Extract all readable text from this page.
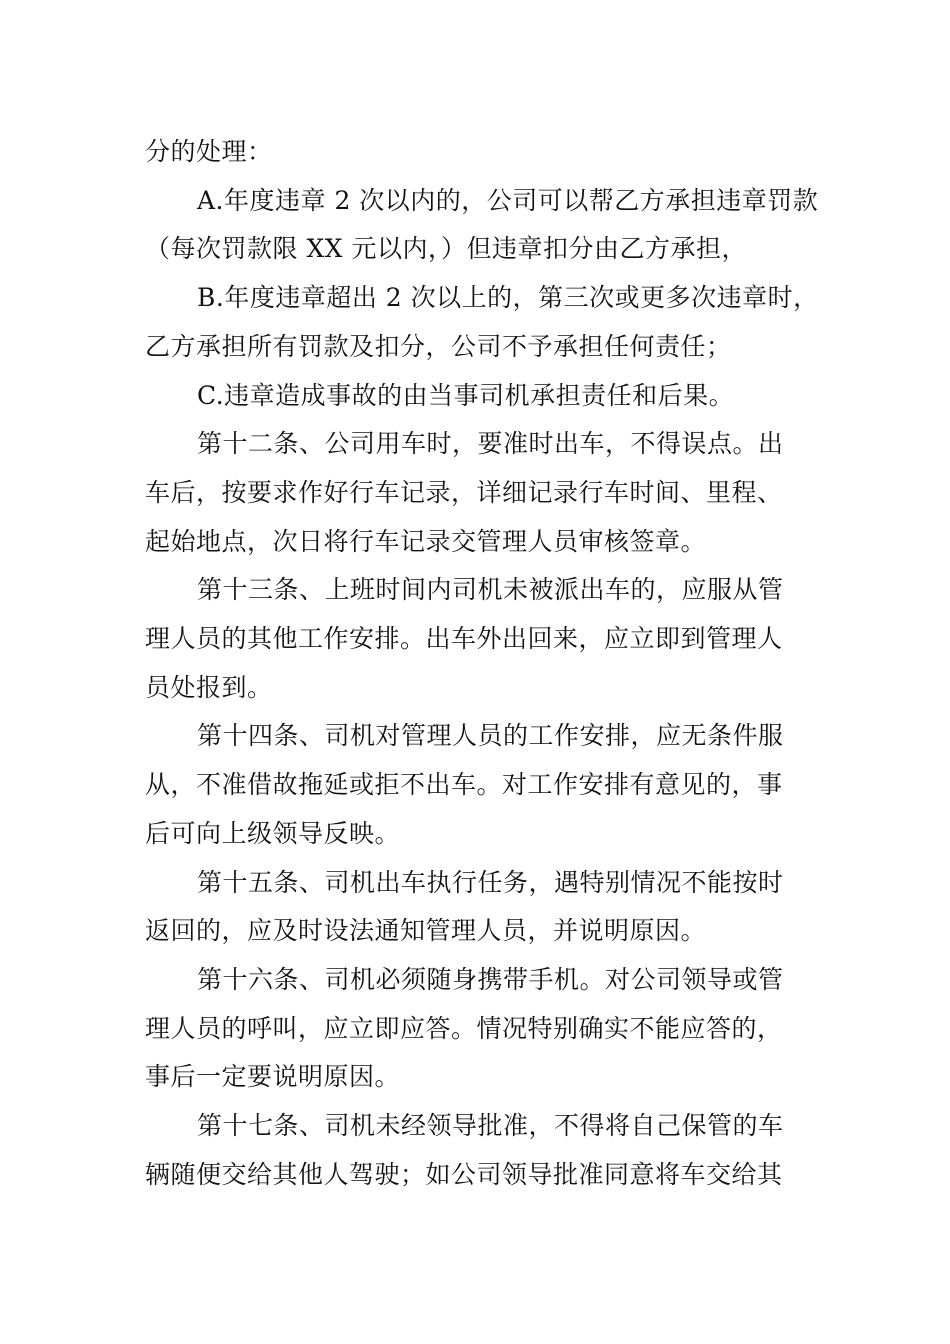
分的处理：

A.年度违章 2 次以内的，公司可以帮乙方承担违章罚款
（每次罚款限 XX 元以内，）但违章扣分由乙方承担，

B.年度违章超出 2 次以上的，第三次或更多次违章时，
乙方承担所有罚款及扣分，公司不予承担任何责任；

C.违章造成事故的由当事司机承担责任和后果。

第十二条、公司用车时，要准时出车，不得误点。出
车后，按要求作好行车记录，详细记录行车时间、里程、
起始地点，次日将行车记录交管理人员审核签章。

第十三条、上班时间内司机未被派出车的，应服从管
理人员的其他工作安排。出车外出回来，应立即到管理人
员处报到。

第十四条、司机对管理人员的工作安排，应无条件服
从，不准借故拖延或拒不出车。对工作安排有意见的，事
后可向上级领导反映。

第十五条、司机出车执行任务，遇特别情况不能按时
返回的，应及时设法通知管理人员，并说明原因。

第十六条、司机必须随身携带手机。对公司领导或管
理人员的呼叫，应立即应答。情况特别确实不能应答的，
事后一定要说明原因。

第十七条、司机未经领导批准，不得将自己保管的车
辆随便交给其他人驾驶；如公司领导批准同意将车交给其
